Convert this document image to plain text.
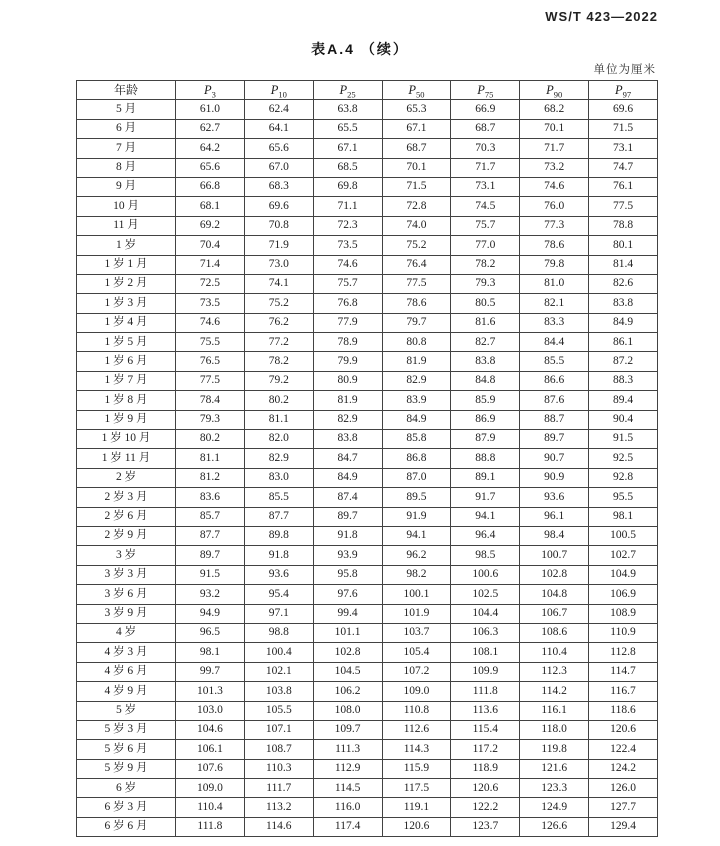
WS/T 423—2022
表A.4 （续）
单位为厘米
年龄	$P_3$	$P_{10}$	$P_{25}$	$P_{50}$	$P_{75}$	$P_{90}$	$P_{97}$
5 月	61.0	62.4	63.8	65.3	66.9	68.2	69.6
6 月	62.7	64.1	65.5	67.1	68.7	70.1	71.5
7 月	64.2	65.6	67.1	68.7	70.3	71.7	73.1
8 月	65.6	67.0	68.5	70.1	71.7	73.2	74.7
9 月	66.8	68.3	69.8	71.5	73.1	74.6	76.1
10 月	68.1	69.6	71.1	72.8	74.5	76.0	77.5
11 月	69.2	70.8	72.3	74.0	75.7	77.3	78.8
1 岁	70.4	71.9	73.5	75.2	77.0	78.6	80.1
1 岁 1 月	71.4	73.0	74.6	76.4	78.2	79.8	81.4
1 岁 2 月	72.5	74.1	75.7	77.5	79.3	81.0	82.6
1 岁 3 月	73.5	75.2	76.8	78.6	80.5	82.1	83.8
1 岁 4 月	74.6	76.2	77.9	79.7	81.6	83.3	84.9
1 岁 5 月	75.5	77.2	78.9	80.8	82.7	84.4	86.1
1 岁 6 月	76.5	78.2	79.9	81.9	83.8	85.5	87.2
1 岁 7 月	77.5	79.2	80.9	82.9	84.8	86.6	88.3
1 岁 8 月	78.4	80.2	81.9	83.9	85.9	87.6	89.4
1 岁 9 月	79.3	81.1	82.9	84.9	86.9	88.7	90.4
1 岁 10 月	80.2	82.0	83.8	85.8	87.9	89.7	91.5
1 岁 11 月	81.1	82.9	84.7	86.8	88.8	90.7	92.5
2 岁	81.2	83.0	84.9	87.0	89.1	90.9	92.8
2 岁 3 月	83.6	85.5	87.4	89.5	91.7	93.6	95.5
2 岁 6 月	85.7	87.7	89.7	91.9	94.1	96.1	98.1
2 岁 9 月	87.7	89.8	91.8	94.1	96.4	98.4	100.5
3 岁	89.7	91.8	93.9	96.2	98.5	100.7	102.7
3 岁 3 月	91.5	93.6	95.8	98.2	100.6	102.8	104.9
3 岁 6 月	93.2	95.4	97.6	100.1	102.5	104.8	106.9
3 岁 9 月	94.9	97.1	99.4	101.9	104.4	106.7	108.9
4 岁	96.5	98.8	101.1	103.7	106.3	108.6	110.9
4 岁 3 月	98.1	100.4	102.8	105.4	108.1	110.4	112.8
4 岁 6 月	99.7	102.1	104.5	107.2	109.9	112.3	114.7
4 岁 9 月	101.3	103.8	106.2	109.0	111.8	114.2	116.7
5 岁	103.0	105.5	108.0	110.8	113.6	116.1	118.6
5 岁 3 月	104.6	107.1	109.7	112.6	115.4	118.0	120.6
5 岁 6 月	106.1	108.7	111.3	114.3	117.2	119.8	122.4
5 岁 9 月	107.6	110.3	112.9	115.9	118.9	121.6	124.2
6 岁	109.0	111.7	114.5	117.5	120.6	123.3	126.0
6 岁 3 月	110.4	113.2	116.0	119.1	122.2	124.9	127.7
6 岁 6 月	111.8	114.6	117.4	120.6	123.7	126.6	129.4
